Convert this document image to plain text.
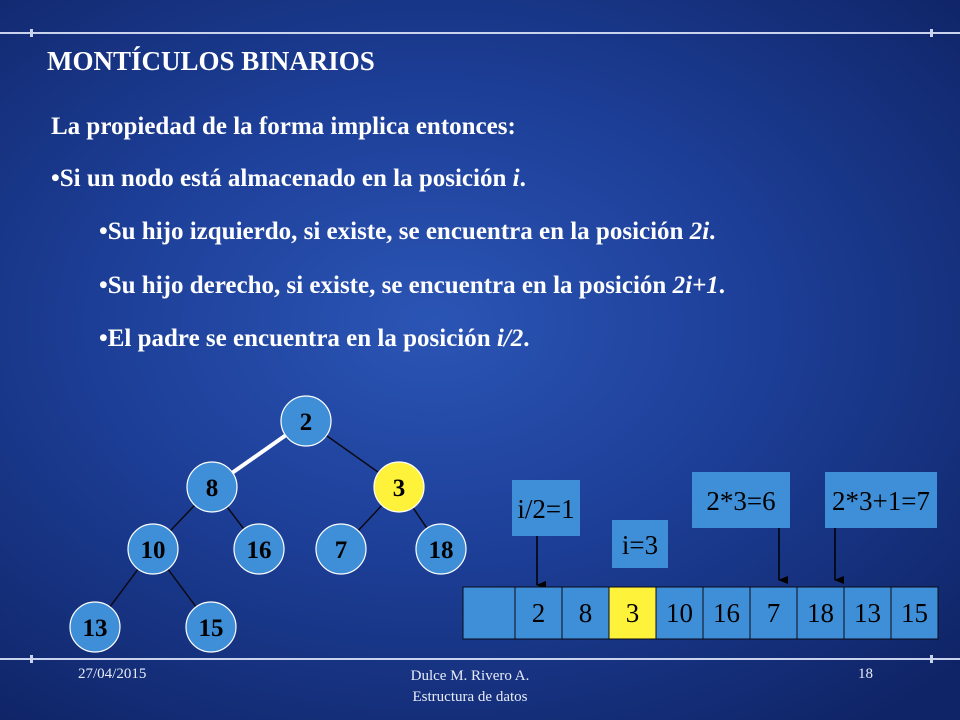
MONTÍCULOS BINARIOS
La propiedad de la forma implica entonces:
•Si un nodo está almacenado en la posición i.
•Su hijo izquierdo, si existe, se encuentra en la posición 2i.
•Su hijo derecho, si existe, se encuentra en la posición 2i+1.
•El padre se encuentra en la posición i/2.
2
8	3
10	16	7	18
13	15
i/2=1
i=3
2*3=6 2*3+1=7
2 8 3 10 16 7 18 13 15
27/04/2015	Dulce M. Rivero A.
Estructura de datos
18
